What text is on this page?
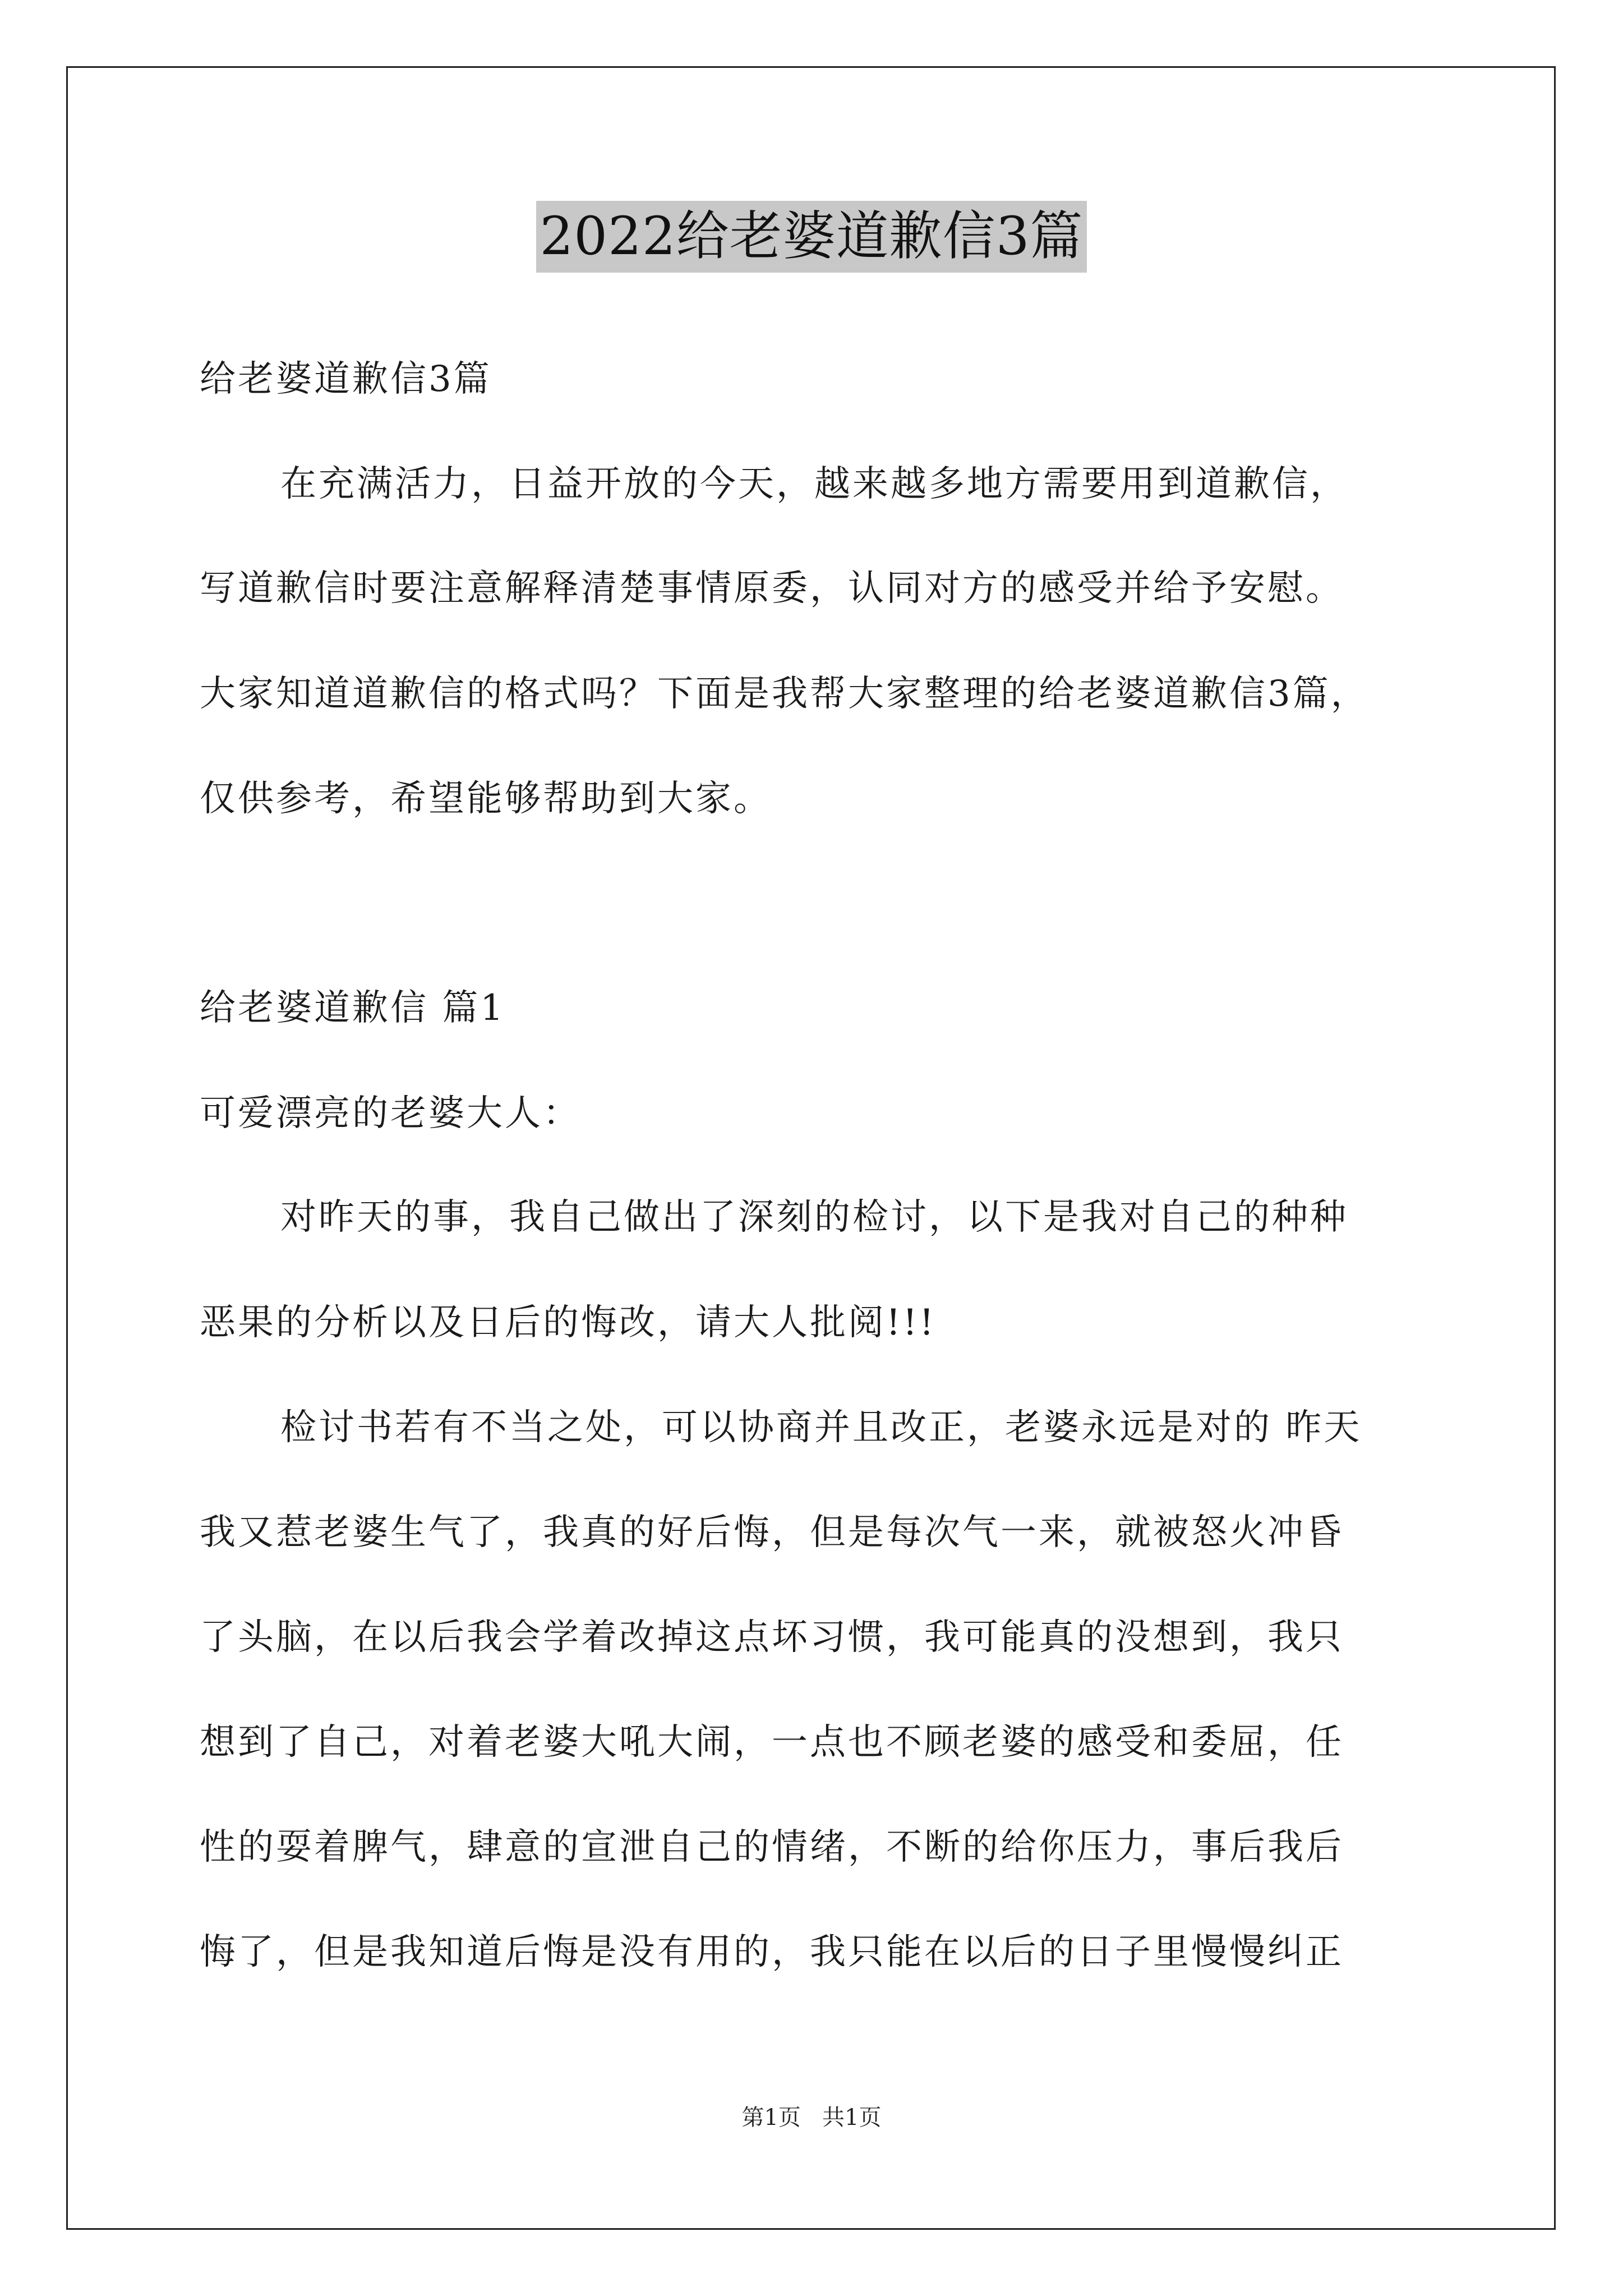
2022给老婆道歉信3篇
给老婆道歉信3篇
在充满活力，日益开放的今天，越来越多地方需要用到道歉信，
写道歉信时要注意解释清楚事情原委，认同对方的感受并给予安慰。
大家知道道歉信的格式吗？下面是我帮大家整理的给老婆道歉信3篇，
仅供参考，希望能够帮助到大家。
给老婆道歉信 篇1
可爱漂亮的老婆大人：
对昨天的事，我自己做出了深刻的检讨，以下是我对自己的种种
恶果的分析以及日后的悔改，请大人批阅!!!
检讨书若有不当之处，可以协商并且改正，老婆永远是对的 昨天
我又惹老婆生气了，我真的好后悔，但是每次气一来，就被怒火冲昏
了头脑，在以后我会学着改掉这点坏习惯，我可能真的没想到，我只
想到了自己，对着老婆大吼大闹，一点也不顾老婆的感受和委屈，任
性的耍着脾气，肆意的宣泄自己的情绪，不断的给你压力，事后我后
悔了，但是我知道后悔是没有用的，我只能在以后的日子里慢慢纠正
第1页   共1页
